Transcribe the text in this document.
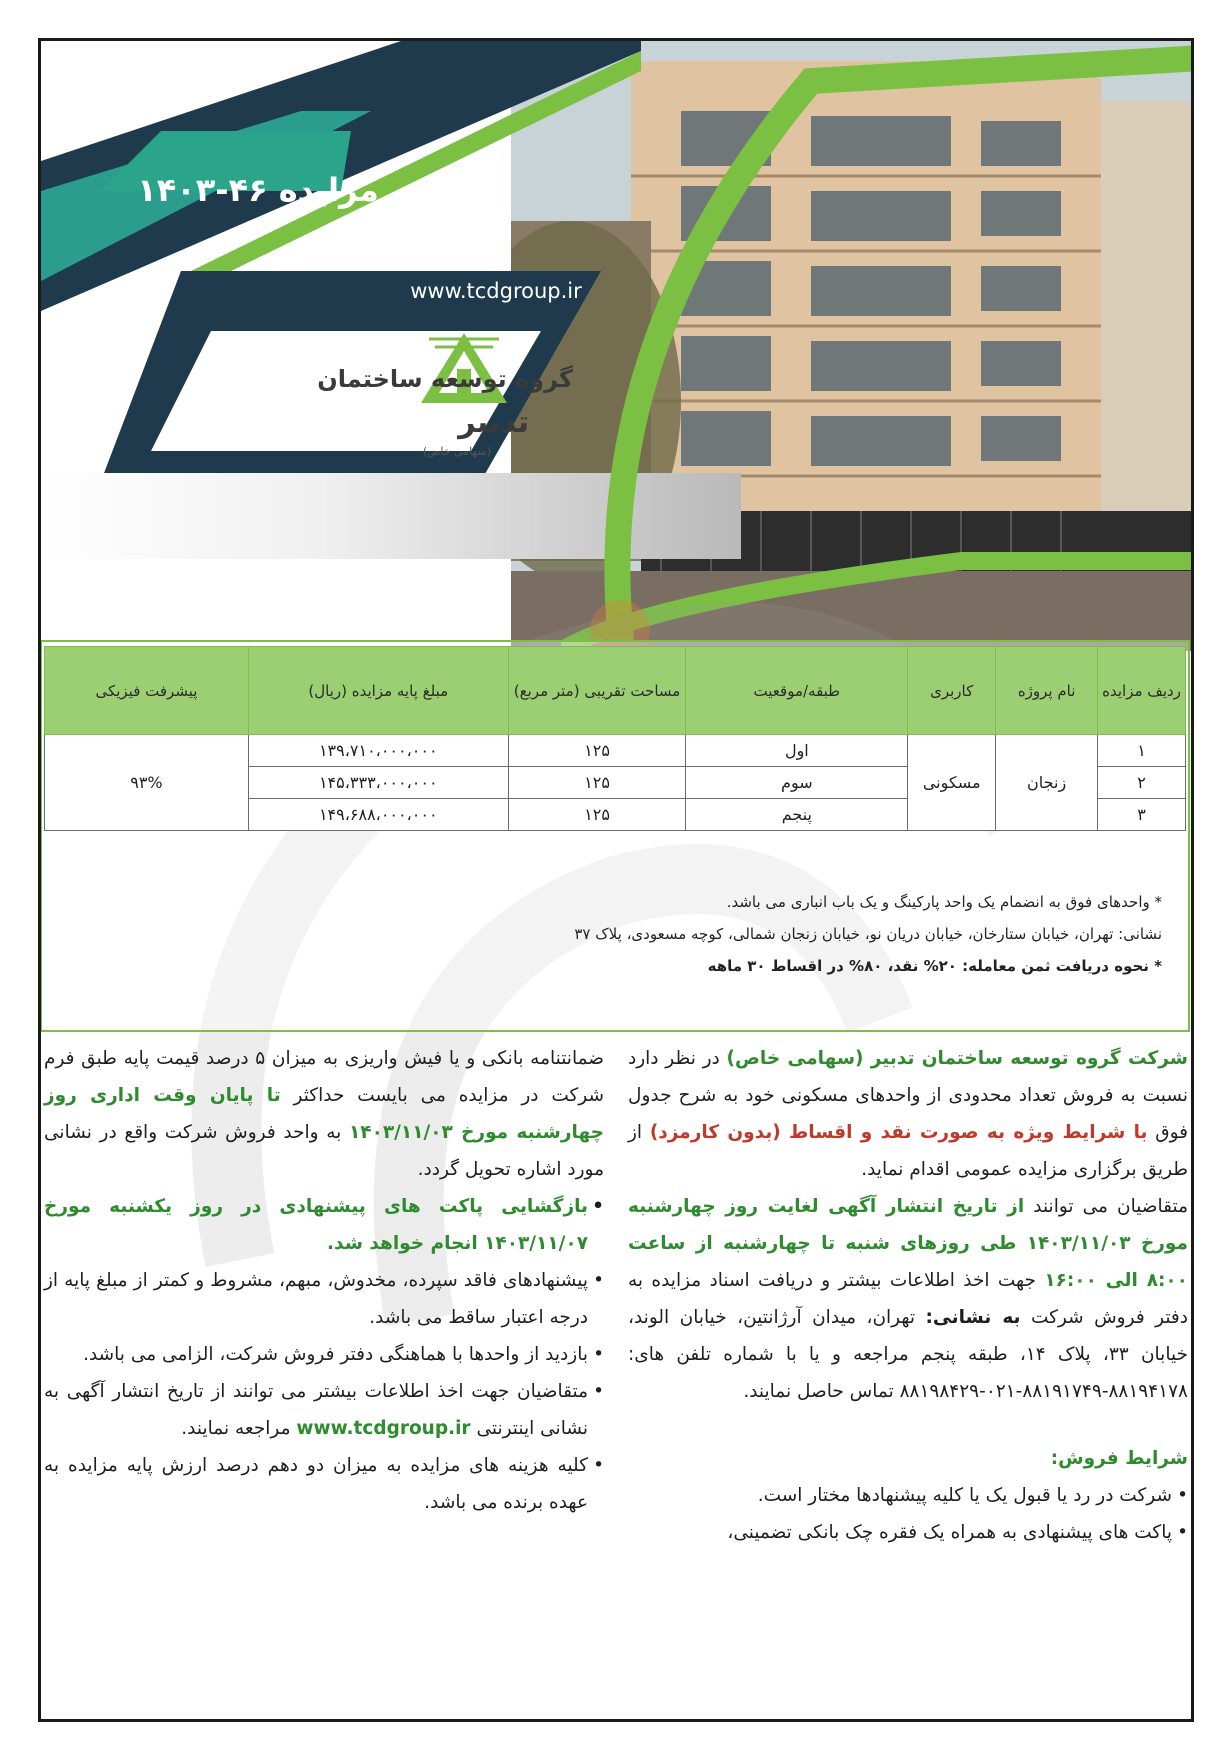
مزایده ۴۶-۱۴۰۳
www.tcdgroup.ir
گروه توسعه ساختمان
تدبیر
(سهامی خاص)
ردیف مزایده	نام پروژه	کاربری	طبقه/موقعیت	مساحت تقریبی (متر مربع)	مبلغ پایه مزایده (ریال)	پیشرفت فیزیکی
۱	زنجان	مسکونی	اول	۱۲۵	۱۳۹،۷۱۰،۰۰۰،۰۰۰	۹۳%
۲			سوم	۱۲۵	۱۴۵،۳۳۳،۰۰۰،۰۰۰	
۳			پنجم	۱۲۵	۱۴۹،۶۸۸،۰۰۰،۰۰۰	
* واحدهای فوق به انضمام یک واحد پارکینگ و یک باب انباری می باشد.
نشانی: تهران، خیابان ستارخان، خیابان دریان نو، خیابان زنجان شمالی، کوچه مسعودی، پلاک ۳۷
* نحوه دریافت ثمن معامله: ۲۰% نقد، ۸۰% در اقساط ۳۰ ماهه

شرکت گروه توسعه ساختمان تدبیر (سهامی خاص) در نظر دارد نسبت به فروش تعداد محدودی از واحدهای مسکونی خود به شرح جدول فوق با شرایط ویژه به صورت نقد و اقساط (بدون کارمزد) از طریق برگزاری مزایده عمومی اقدام نماید.

متقاضیان می توانند از تاریخ انتشار آگهی لغایت روز چهارشنبه مورخ ۱۴۰۳/۱۱/۰۳ طی روزهای شنبه تا چهارشنبه از ساعت ۸:۰۰ الی ۱۶:۰۰ جهت اخذ اطلاعات بیشتر و دریافت اسناد مزایده به دفتر فروش شرکت به نشانی: تهران، میدان آرژانتین، خیابان الوند، خیابان ۳۳، پلاک ۱۴، طبقه پنجم مراجعه و یا با شماره تلفن های: ۸۸۱۹۴۱۷۸-۸۸۱۹۱۷۴۹-۰۲۱-۸۸۱۹۸۴۲۹ تماس حاصل نمایند.

شرایط فروش:
• شرکت در رد یا قبول یک یا کلیه پیشنهادها مختار است.
• پاکت های پیشنهادی به همراه یک فقره چک بانکی تضمینی،

ضمانتنامه بانکی و یا فیش واریزی به میزان ۵ درصد قیمت پایه طبق فرم شرکت در مزایده می بایست حداکثر تا پایان وقت اداری روز چهارشنبه مورخ ۱۴۰۳/۱۱/۰۳ به واحد فروش شرکت واقع در نشانی مورد اشاره تحویل گردد.

• بازگشایی پاکت های پیشنهادی در روز یکشنبه مورخ ۱۴۰۳/۱۱/۰۷ انجام خواهد شد.
• پیشنهادهای فاقد سپرده، مخدوش، مبهم، مشروط و کمتر از مبلغ پایه از درجه اعتبار ساقط می باشد.
• بازدید از واحدها با هماهنگی دفتر فروش شرکت، الزامی می باشد.
• متقاضیان جهت اخذ اطلاعات بیشتر می توانند از تاریخ انتشار آگهی به نشانی اینترنتی www.tcdgroup.ir مراجعه نمایند.
• کلیه هزینه های مزایده به میزان دو دهم درصد ارزش پایه مزایده به عهده برنده می باشد.
